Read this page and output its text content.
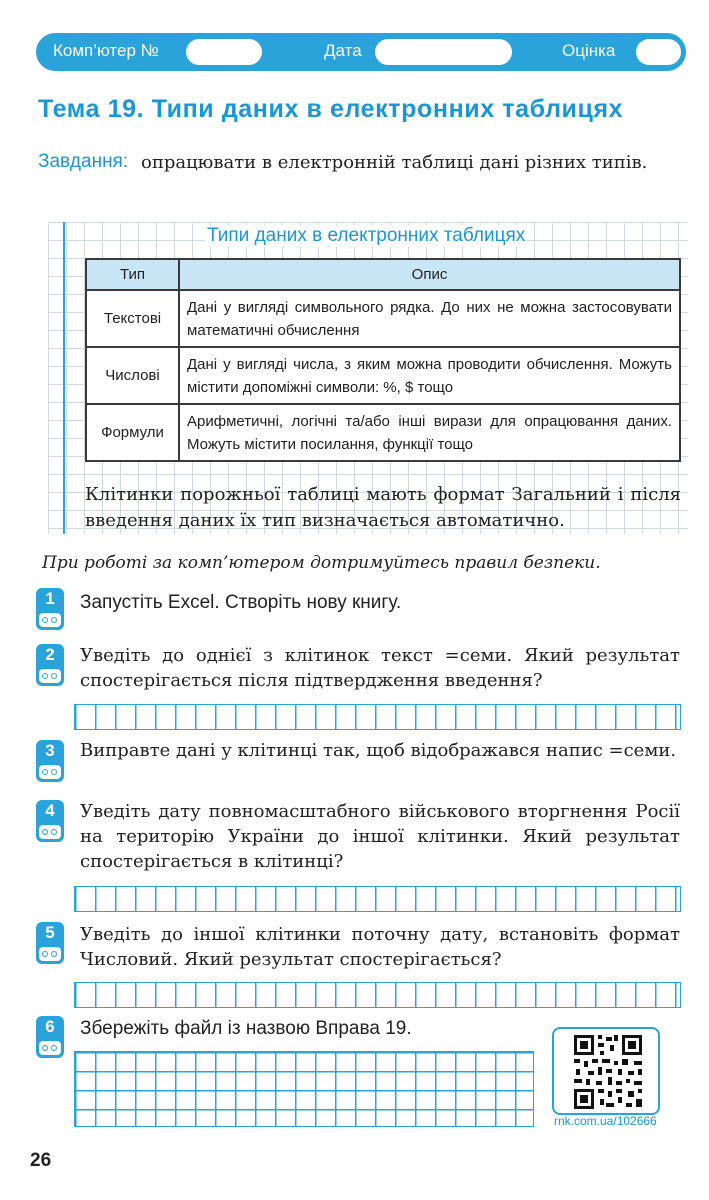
Комп’ютер №	Дата	Оцінка
Тема 19. Типи даних в електронних таблицях
Завдання: опрацювати в електронній таблиці дані різних типів.
Типи даних в електронних таблицях
Тип	Опис
Текстові	Дані у вигляді символьного рядка. До них не можна застосовувати математичні обчислення
Числові	Дані у вигляді числа, з яким можна проводити обчислення. Можуть містити допоміжні символи: %, $ тощо
Формули	Арифметичні, логічні та/або інші вирази для опрацювання даних. Можуть містити посилання, функції тощо
Клітинки порожньої таблиці мають формат Загальний і після введення даних їх тип визначається автоматично.
При роботі за комп’ютером дотримуйтесь правил безпеки.
1	Запустіть Excel. Створіть нову книгу.
2	Уведіть до однієї з клітинок текст =семи. Який результат спостерігається після підтвердження введення?
3	Виправте дані у клітинці так, щоб відображався напис =семи.
4	Уведіть дату повномасштабного військового вторгнення Росії на територію України до іншої клітинки. Який результат спостерігається в клітинці?
5	Уведіть до іншої клітинки поточну дату, встановіть формат Числовий. Який результат спостерігається?
6	Збережіть файл із назвою Вправа 19.
rnk.com.ua/102666
26
